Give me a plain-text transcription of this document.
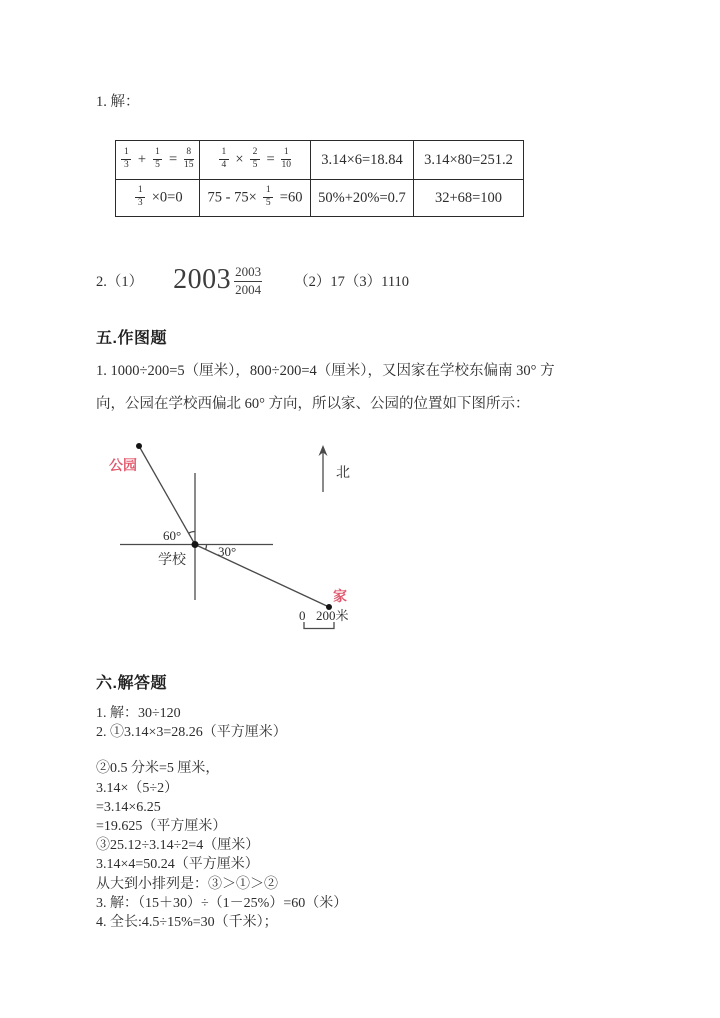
1. 解：
$\frac{1}{3} + \frac{1}{5} = \frac{8}{15}$	$\frac{1}{4} \times \frac{2}{5} = \frac{1}{10}$	3.14×6=18.84	3.14×80=251.2

$\frac{1}{3} \times 0=0$	$75 - 75\times \frac{1}{5} =60$	50%+20%=0.7	32+68=100
2.（1） $2003 \frac{2003}{2004} (2)17(3)1110$
五.作图题
1. 1000÷200=5（厘米），800÷200=4（厘米），又因家在学校东偏南 30° 方
向，公园在学校西偏北 60° 方向，所以家、公园的位置如下图所示：
公园
家
学校
60°
30°
北
0 200米
六.解答题
1. 解：30÷120
2. ①3.14×3=28.26（平方厘米）
②0.5 分米=5 厘米，
3.14×（5÷2）
=3.14×6.25
=19.625（平方厘米）
③25.12÷3.14÷2=4（厘米）
3.14×4=50.24（平方厘米）
从大到小排列是：③＞①＞②
3. 解：（15＋30）÷（1－25%）=60（米）
4. 全长:4.5÷15%=30（千米）；
